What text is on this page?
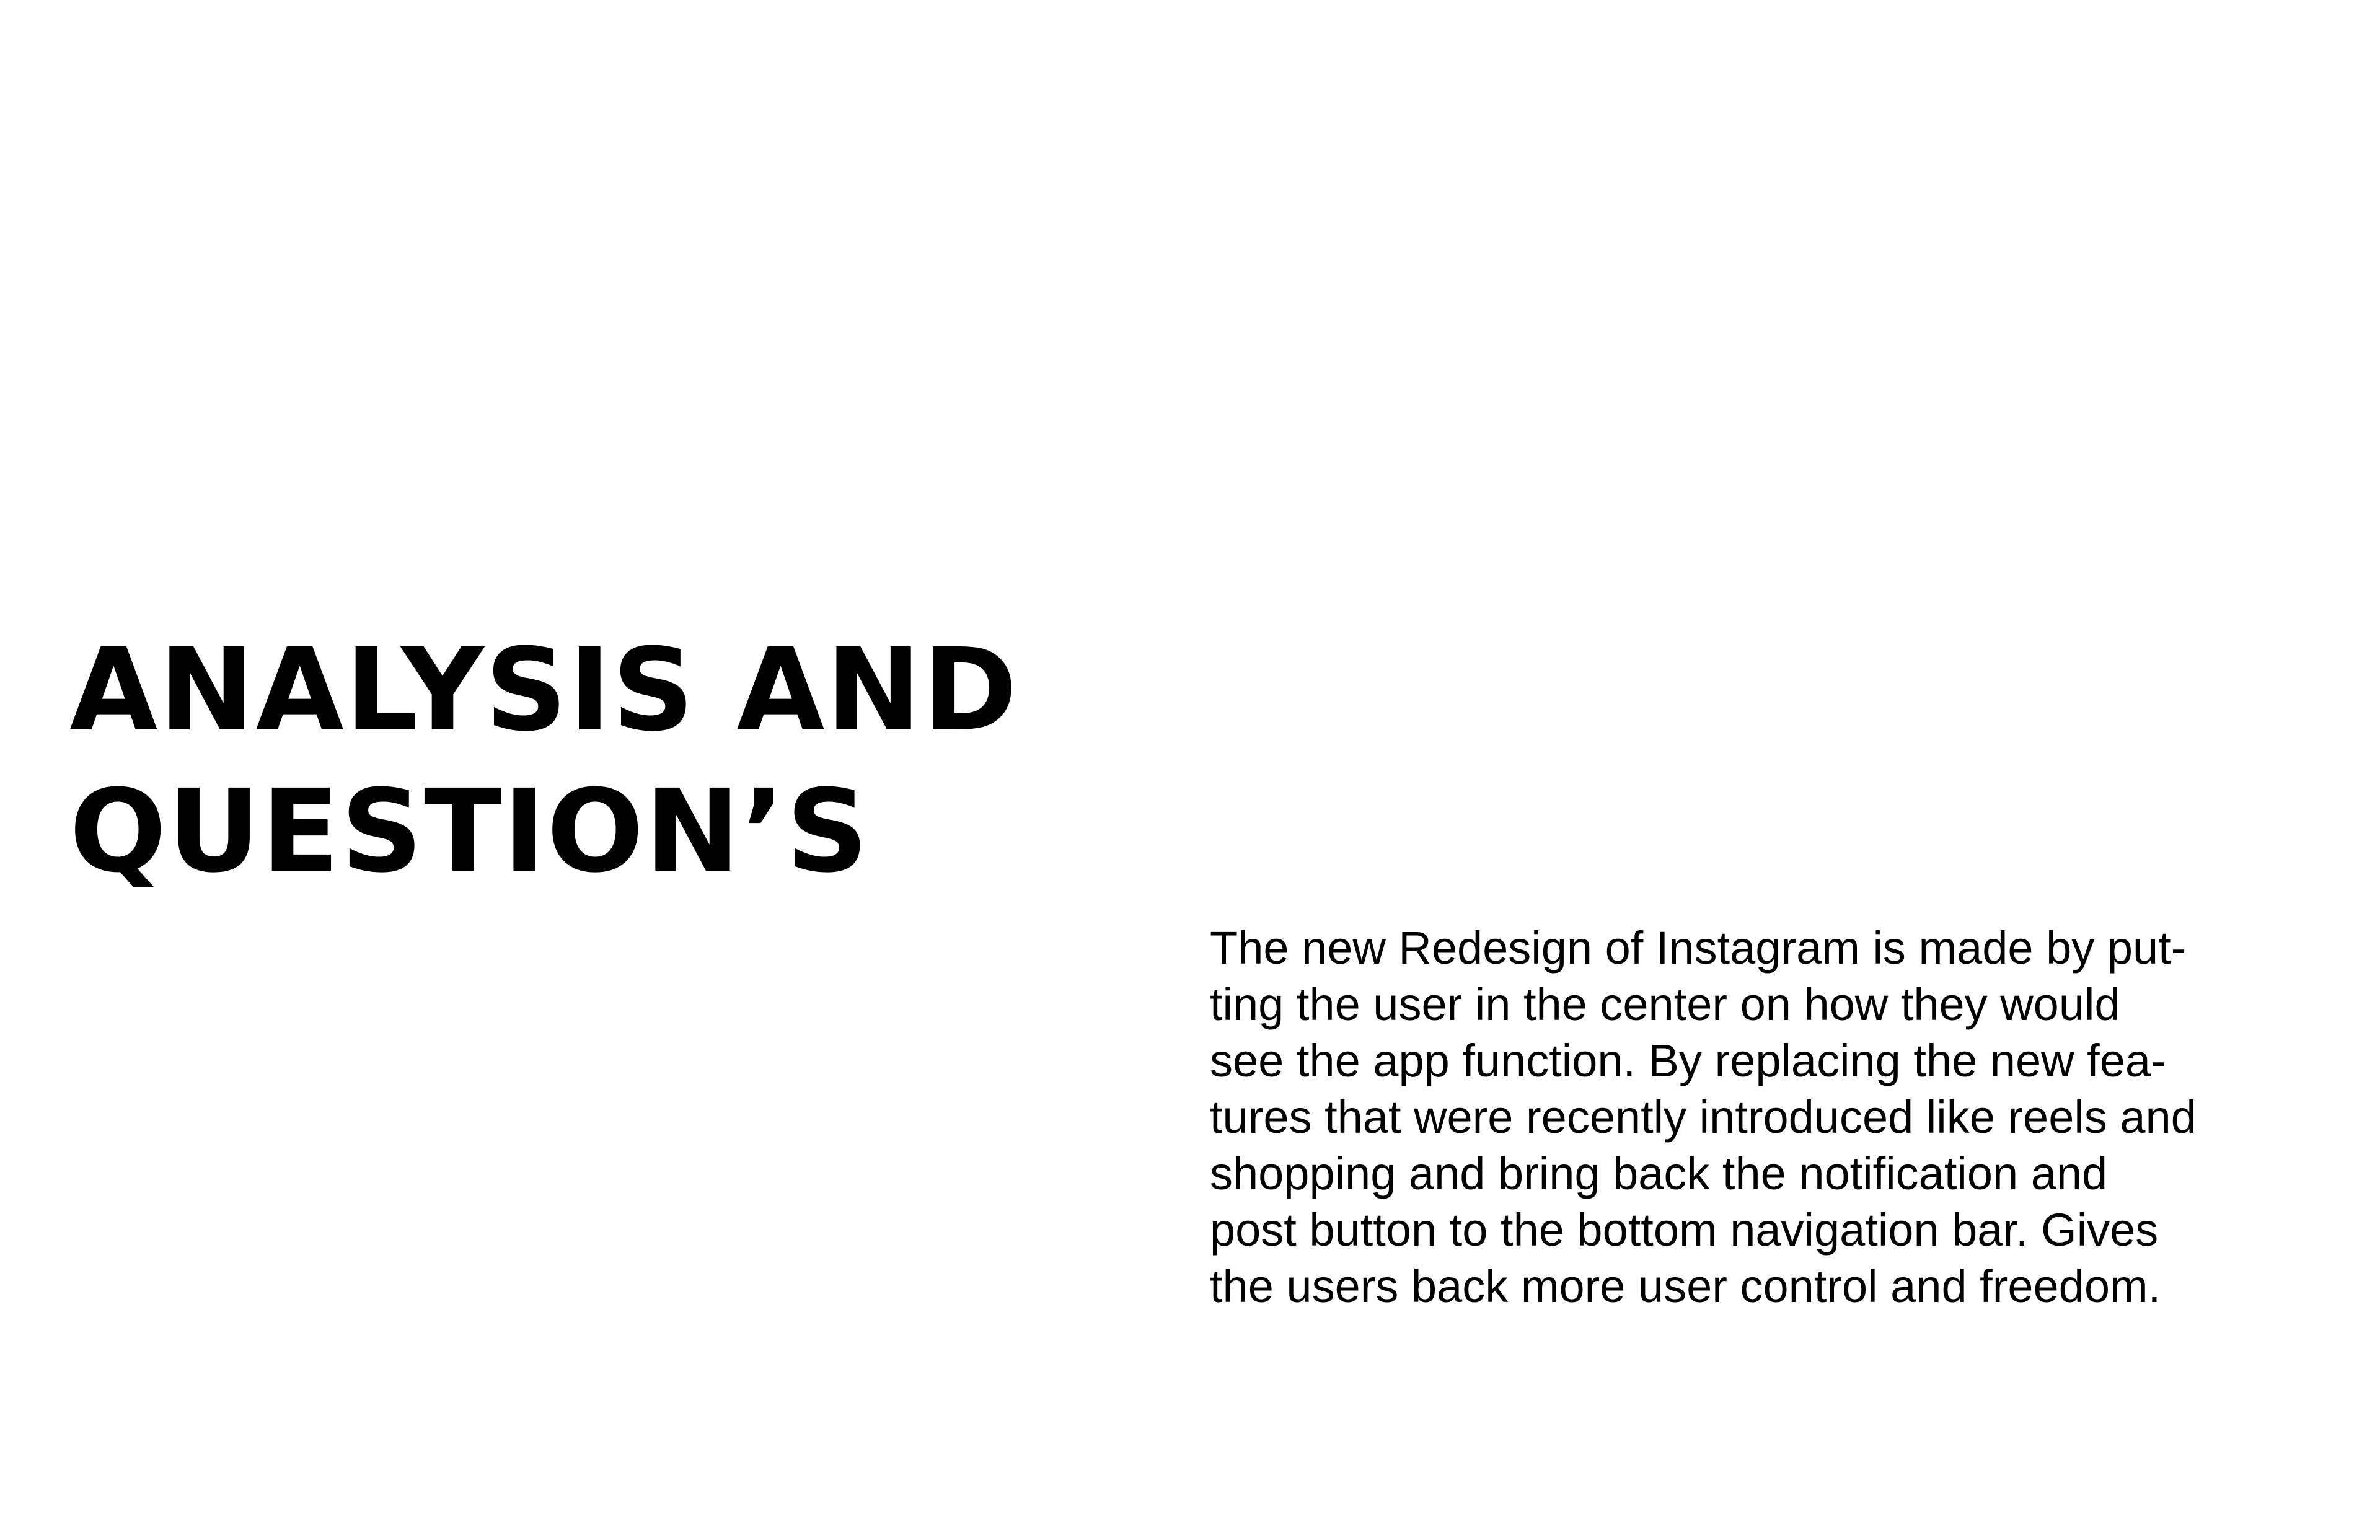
ANALYSIS AND
QUESTION’S

The new Redesign of Instagram is made by put-
ting the user in the center on how they would
see the app function. By replacing the new fea-
tures that were recently introduced like reels and
shopping and bring back the notification and
post button to the bottom navigation bar. Gives
the users back more user control and freedom.
